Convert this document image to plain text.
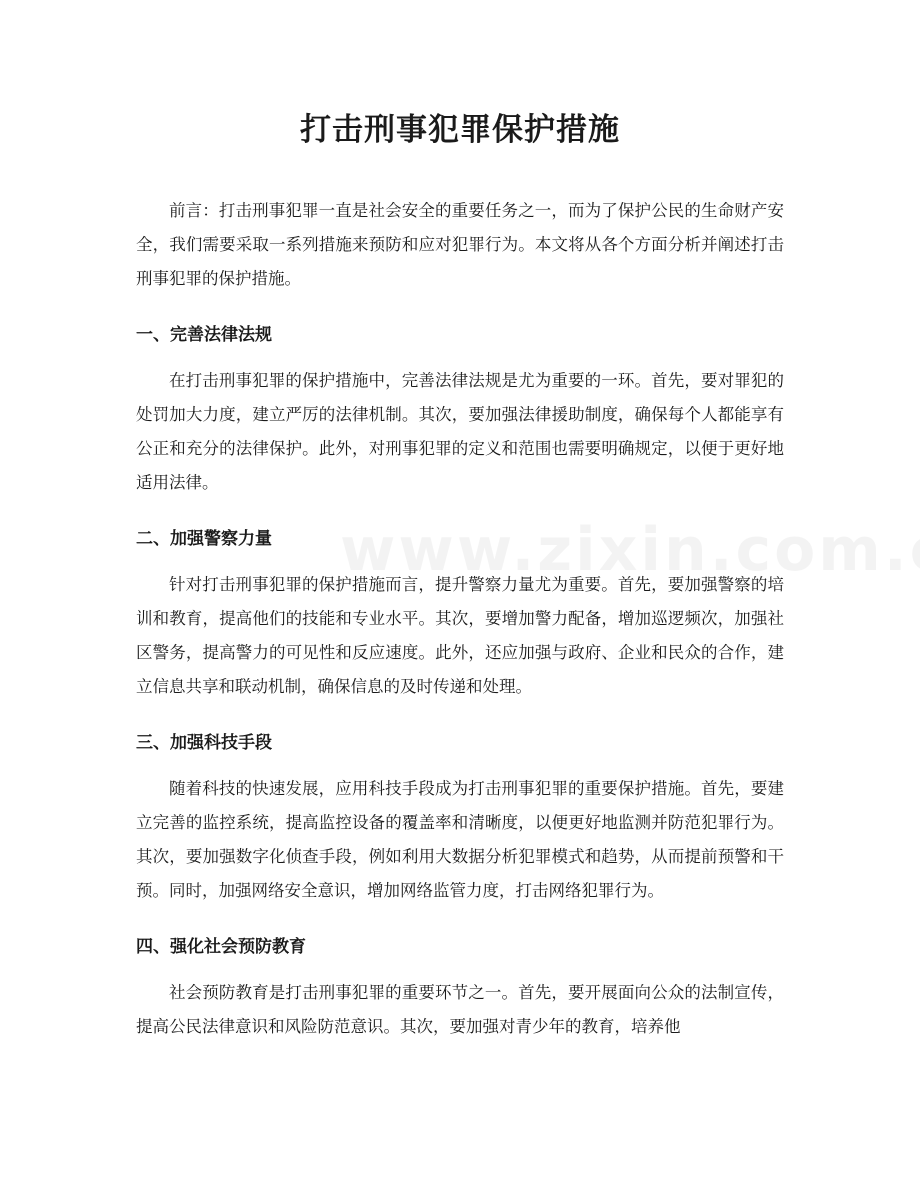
打击刑事犯罪保护措施

前言：打击刑事犯罪一直是社会安全的重要任务之一，而为了保护公民的生命财产安全，我们需要采取一系列措施来预防和应对犯罪行为。本文将从各个方面分析并阐述打击刑事犯罪的保护措施。

一、完善法律法规

在打击刑事犯罪的保护措施中，完善法律法规是尤为重要的一环。首先，要对罪犯的处罚加大力度，建立严厉的法律机制。其次，要加强法律援助制度，确保每个人都能享有公正和充分的法律保护。此外，对刑事犯罪的定义和范围也需要明确规定，以便于更好地适用法律。

二、加强警察力量

针对打击刑事犯罪的保护措施而言，提升警察力量尤为重要。首先，要加强警察的培训和教育，提高他们的技能和专业水平。其次，要增加警力配备，增加巡逻频次，加强社区警务，提高警力的可见性和反应速度。此外，还应加强与政府、企业和民众的合作，建立信息共享和联动机制，确保信息的及时传递和处理。

三、加强科技手段

随着科技的快速发展，应用科技手段成为打击刑事犯罪的重要保护措施。首先，要建立完善的监控系统，提高监控设备的覆盖率和清晰度，以便更好地监测并防范犯罪行为。其次，要加强数字化侦查手段，例如利用大数据分析犯罪模式和趋势，从而提前预警和干预。同时，加强网络安全意识，增加网络监管力度，打击网络犯罪行为。

四、强化社会预防教育

社会预防教育是打击刑事犯罪的重要环节之一。首先，要开展面向公众的法制宣传，提高公民法律意识和风险防范意识。其次，要加强对青少年的教育，培养他
